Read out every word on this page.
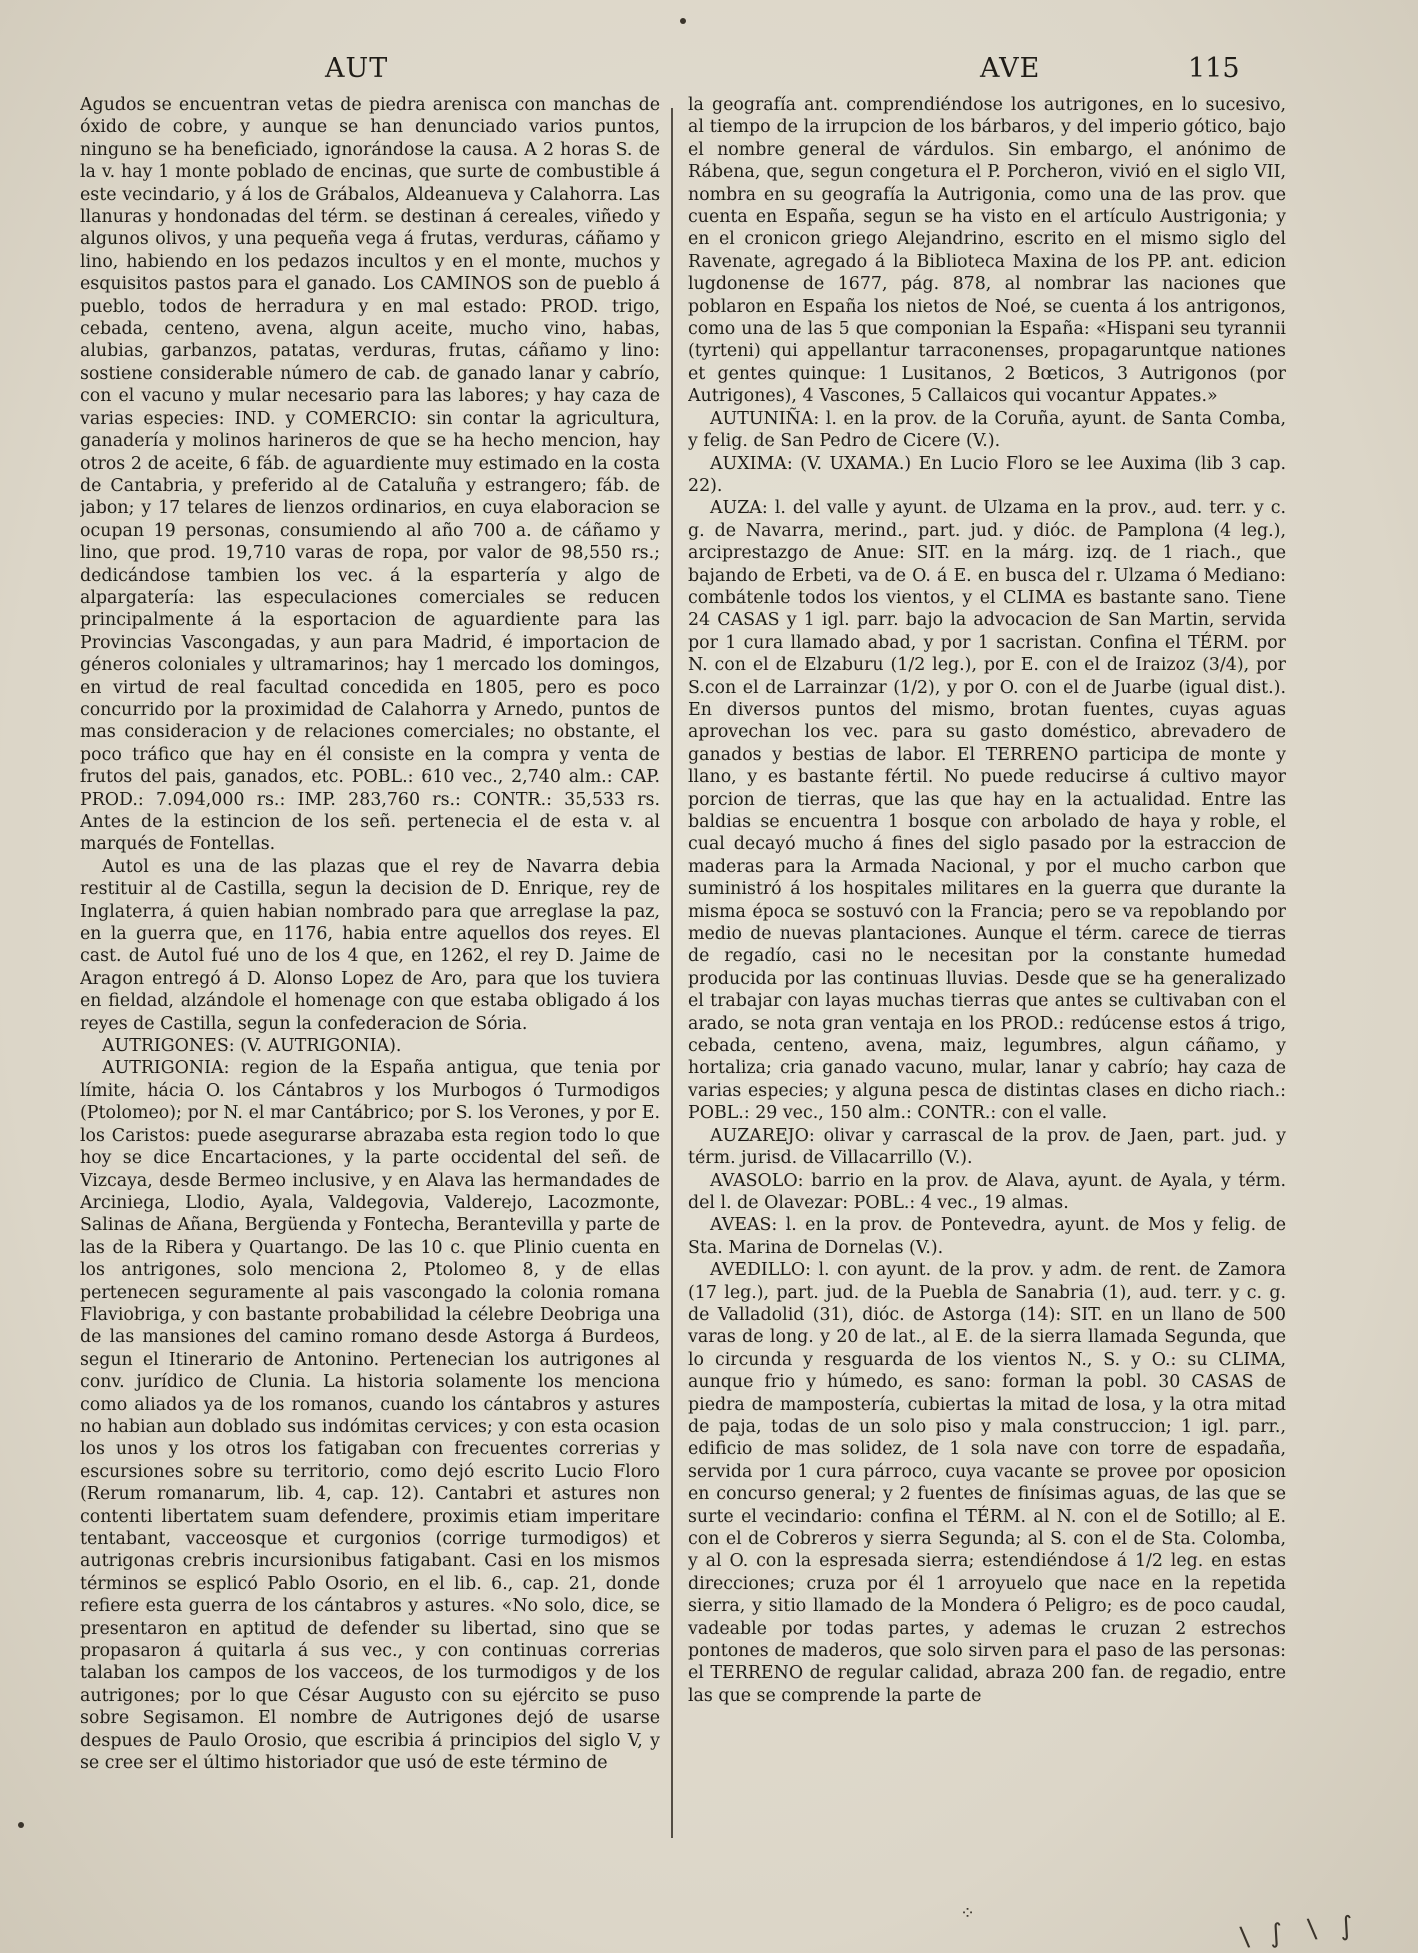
AUT	AVE	115

Agudos se encuentran vetas de piedra arenisca con manchas de óxido de cobre, y aunque se han denunciado varios puntos, ninguno se ha beneficiado, ignorándose la causa. A 2 horas S. de la v. hay 1 monte poblado de encinas, que surte de combustible á este vecindario, y á los de Grábalos, Aldeanueva y Calahorra. Las llanuras y hondonadas del térm. se destinan á cereales, viñedo y algunos olivos, y una pequeña vega á frutas, verduras, cáñamo y lino, habiendo en los pedazos incultos y en el monte, muchos y esquisitos pastos para el ganado. Los CAMINOS son de pueblo á pueblo, todos de herradura y en mal estado: PROD. trigo, cebada, centeno, avena, algun aceite, mucho vino, habas, alubias, garbanzos, patatas, verduras, frutas, cáñamo y lino: sostiene considerable número de cab. de ganado lanar y cabrío, con el vacuno y mular necesario para las labores; y hay caza de varias especies: IND. y COMERCIO: sin contar la agricultura, ganadería y molinos harineros de que se ha hecho mencion, hay otros 2 de aceite, 6 fáb. de aguardiente muy estimado en la costa de Cantabria, y preferido al de Cataluña y estrangero; fáb. de jabon; y 17 telares de lienzos ordinarios, en cuya elaboracion se ocupan 19 personas, consumiendo al año 700 a. de cáñamo y lino, que prod. 19,710 varas de ropa, por valor de 98,550 rs.; dedicándose tambien los vec. á la espartería y algo de alpargatería: las especulaciones comerciales se reducen principalmente á la esportacion de aguardiente para las Provincias Vascongadas, y aun para Madrid, é importacion de géneros coloniales y ultramarinos; hay 1 mercado los domingos, en virtud de real facultad concedida en 1805, pero es poco concurrido por la proximidad de Calahorra y Arnedo, puntos de mas consideracion y de relaciones comerciales; no obstante, el poco tráfico que hay en él consiste en la compra y venta de frutos del pais, ganados, etc. POBL.: 610 vec., 2,740 alm.: CAP. PROD.: 7.094,000 rs.: IMP. 283,760 rs.: CONTR.: 35,533 rs. Antes de la estincion de los señ. pertenecia el de esta v. al marqués de Fontellas.

Autol es una de las plazas que el rey de Navarra debia restituir al de Castilla, segun la decision de D. Enrique, rey de Inglaterra, á quien habian nombrado para que arreglase la paz, en la guerra que, en 1176, habia entre aquellos dos reyes. El cast. de Autol fué uno de los 4 que, en 1262, el rey D. Jaime de Aragon entregó á D. Alonso Lopez de Aro, para que los tuviera en fieldad, alzándole el homenage con que estaba obligado á los reyes de Castilla, segun la confederacion de Sória.

AUTRIGONES: (V. AUTRIGONIA).

AUTRIGONIA: region de la España antigua, que tenia por límite, hácia O. los Cántabros y los Murbogos ó Turmodigos (Ptolomeo); por N. el mar Cantábrico; por S. los Verones, y por E. los Caristos: puede asegurarse abrazaba esta region todo lo que hoy se dice Encartaciones, y la parte occidental del señ. de Vizcaya, desde Bermeo inclusive, y en Alava las hermandades de Arciniega, Llodio, Ayala, Valdegovia, Valderejo, Lacozmonte, Salinas de Añana, Bergüenda y Fontecha, Berantevilla y parte de las de la Ribera y Quartango. De las 10 c. que Plinio cuenta en los antrigones, solo menciona 2, Ptolomeo 8, y de ellas pertenecen seguramente al pais vascongado la colonia romana Flaviobriga, y con bastante probabilidad la célebre Deobriga una de las mansiones del camino romano desde Astorga á Burdeos, segun el Itinerario de Antonino. Pertenecian los autrigones al conv. jurídico de Clunia. La historia solamente los menciona como aliados ya de los romanos, cuando los cántabros y astures no habian aun doblado sus indómitas cervices; y con esta ocasion los unos y los otros los fatigaban con frecuentes correrias y escursiones sobre su territorio, como dejó escrito Lucio Floro (Rerum romanarum, lib. 4, cap. 12). Cantabri et astures non contenti libertatem suam defendere, proximis etiam imperitare tentabant, vacceosque et curgonios (corrige turmodigos) et autrigonas crebris incursionibus fatigabant. Casi en los mismos términos se esplicó Pablo Osorio, en el lib. 6., cap. 21, donde refiere esta guerra de los cántabros y astures. «No solo, dice, se presentaron en aptitud de defender su libertad, sino que se propasaron á quitarla á sus vec., y con continuas correrias talaban los campos de los vacceos, de los turmodigos y de los autrigones; por lo que César Augusto con su ejército se puso sobre Segisamon. El nombre de Autrigones dejó de usarse despues de Paulo Orosio, que escribia á principios del siglo V, y se cree ser el último historiador que usó de este término de

la geografía ant. comprendiéndose los autrigones, en lo sucesivo, al tiempo de la irrupcion de los bárbaros, y del imperio gótico, bajo el nombre general de várdulos. Sin embargo, el anónimo de Rábena, que, segun congetura el P. Porcheron, vivió en el siglo VII, nombra en su geografía la Autrigonia, como una de las prov. que cuenta en España, segun se ha visto en el artículo Austrigonia; y en el cronicon griego Alejandrino, escrito en el mismo siglo del Ravenate, agregado á la Biblioteca Maxina de los PP. ant. edicion lugdonense de 1677, pág. 878, al nombrar las naciones que poblaron en España los nietos de Noé, se cuenta á los antrigonos, como una de las 5 que componian la España: «Hispani seu tyrannii (tyrteni) qui appellantur tarraconenses, propagaruntque nationes et gentes quinque: 1 Lusitanos, 2 Bœticos, 3 Autrigonos (por Autrigones), 4 Vascones, 5 Callaicos qui vocantur Appates.»

AUTUNIÑA: l. en la prov. de la Coruña, ayunt. de Santa Comba, y felig. de San Pedro de Cicere (V.).

AUXIMA: (V. UXAMA.) En Lucio Floro se lee Auxima (lib 3 cap. 22).

AUZA: l. del valle y ayunt. de Ulzama en la prov., aud. terr. y c. g. de Navarra, merind., part. jud. y dióc. de Pamplona (4 leg.), arciprestazgo de Anue: SIT. en la márg. izq. de 1 riach., que bajando de Erbeti, va de O. á E. en busca del r. Ulzama ó Mediano: combátenle todos los vientos, y el CLIMA es bastante sano. Tiene 24 CASAS y 1 igl. parr. bajo la advocacion de San Martin, servida por 1 cura llamado abad, y por 1 sacristan. Confina el TÉRM. por N. con el de Elzaburu (1/2 leg.), por E. con el de Iraizoz (3/4), por S.con el de Larrainzar (1/2), y por O. con el de Juarbe (igual dist.). En diversos puntos del mismo, brotan fuentes, cuyas aguas aprovechan los vec. para su gasto doméstico, abrevadero de ganados y bestias de labor. El TERRENO participa de monte y llano, y es bastante fértil. No puede reducirse á cultivo mayor porcion de tierras, que las que hay en la actualidad. Entre las baldias se encuentra 1 bosque con arbolado de haya y roble, el cual decayó mucho á fines del siglo pasado por la estraccion de maderas para la Armada Nacional, y por el mucho carbon que suministró á los hospitales militares en la guerra que durante la misma época se sostuvó con la Francia; pero se va repoblando por medio de nuevas plantaciones. Aunque el térm. carece de tierras de regadío, casi no le necesitan por la constante humedad producida por las continuas lluvias. Desde que se ha generalizado el trabajar con layas muchas tierras que antes se cultivaban con el arado, se nota gran ventaja en los PROD.: redúcense estos á trigo, cebada, centeno, avena, maiz, legumbres, algun cáñamo, y hortaliza; cria ganado vacuno, mular, lanar y cabrío; hay caza de varias especies; y alguna pesca de distintas clases en dicho riach.: POBL.: 29 vec., 150 alm.: CONTR.: con el valle.

AUZAREJO: olivar y carrascal de la prov. de Jaen, part. jud. y térm. jurisd. de Villacarrillo (V.).

AVASOLO: barrio en la prov. de Alava, ayunt. de Ayala, y térm. del l. de Olavezar: POBL.: 4 vec., 19 almas.

AVEAS: l. en la prov. de Pontevedra, ayunt. de Mos y felig. de Sta. Marina de Dornelas (V.).

AVEDILLO: l. con ayunt. de la prov. y adm. de rent. de Zamora (17 leg.), part. jud. de la Puebla de Sanabria (1), aud. terr. y c. g. de Valladolid (31), dióc. de Astorga (14): SIT. en un llano de 500 varas de long. y 20 de lat., al E. de la sierra llamada Segunda, que lo circunda y resguarda de los vientos N., S. y O.: su CLIMA, aunque frio y húmedo, es sano: forman la pobl. 30 CASAS de piedra de mampostería, cubiertas la mitad de losa, y la otra mitad de paja, todas de un solo piso y mala construccion; 1 igl. parr., edificio de mas solidez, de 1 sola nave con torre de espadaña, servida por 1 cura párroco, cuya vacante se provee por oposicion en concurso general; y 2 fuentes de finísimas aguas, de las que se surte el vecindario: confina el TÉRM. al N. con el de Sotillo; al E. con el de Cobreros y sierra Segunda; al S. con el de Sta. Colomba, y al O. con la espresada sierra; estendiéndose á 1/2 leg. en estas direcciones; cruza por él 1 arroyuelo que nace en la repetida sierra, y sitio llamado de la Mondera ó Peligro; es de poco caudal, vadeable por todas partes, y ademas le cruzan 2 estrechos pontones de maderos, que solo sirven para el paso de las personas: el TERRENO de regular calidad, abraza 200 fan. de regadio, entre las que se comprende la parte de

⁘	\ ∫ ∖ ∫
